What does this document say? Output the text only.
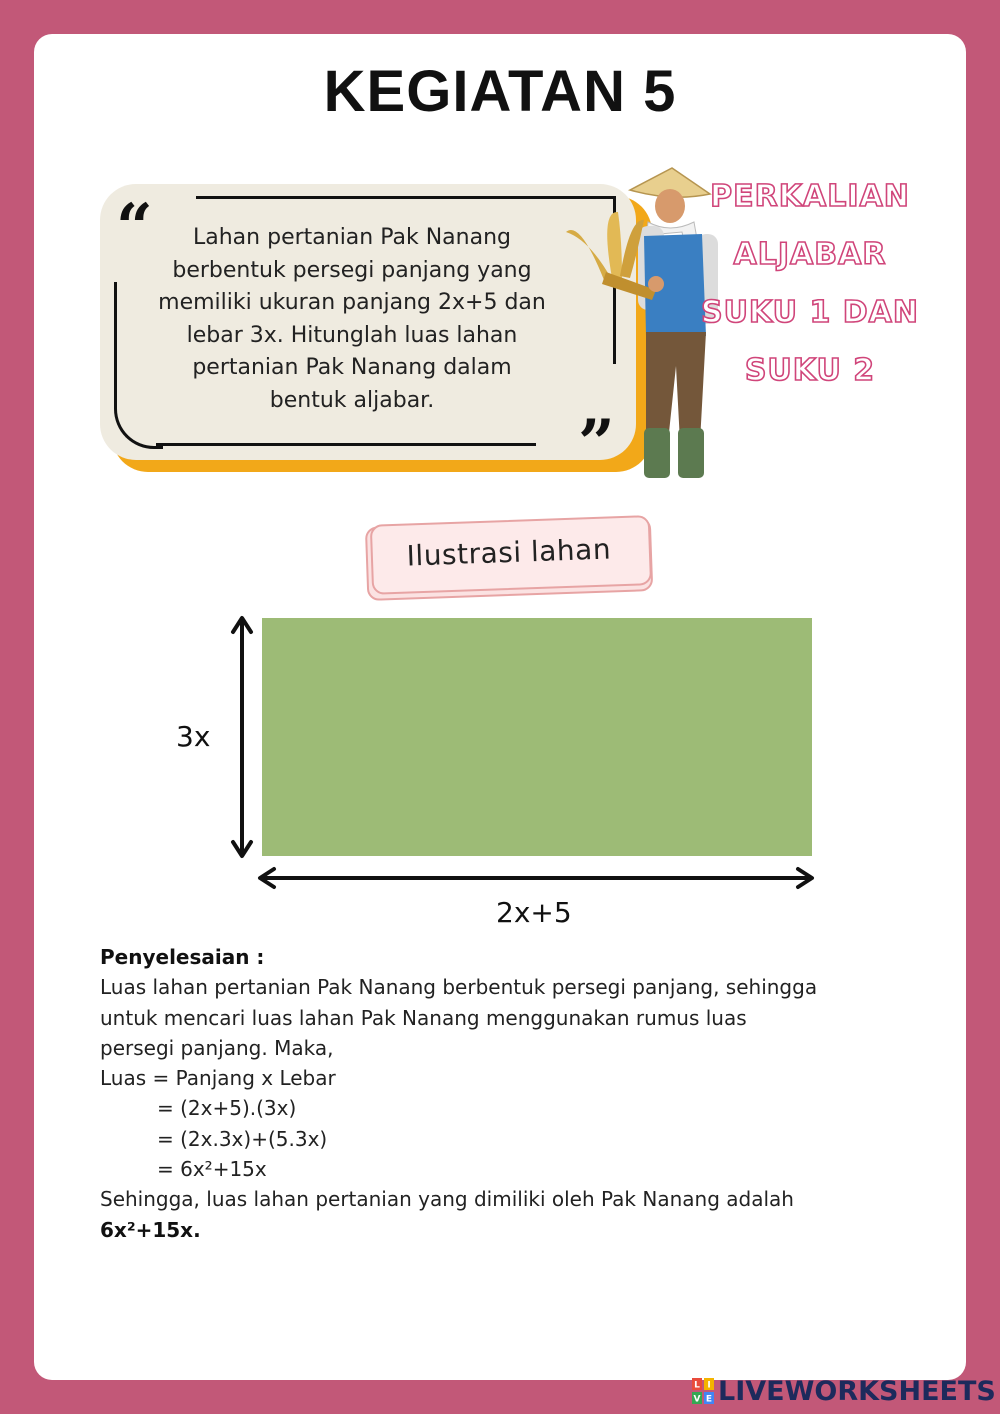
KEGIATAN 5
“
”
Lahan pertanian Pak Nanang
berbentuk persegi panjang yang
memiliki ukuran panjang 2x+5 dan
lebar 3x. Hitunglah luas lahan
pertanian Pak Nanang dalam
bentuk aljabar.
PERKALIAN
ALJABAR
SUKU 1 DAN
SUKU 2
Ilustrasi lahan
3x
2x+5
Penyelesaian :
Luas lahan pertanian Pak Nanang berbentuk persegi panjang, sehingga
untuk mencari luas lahan Pak Nanang menggunakan rumus luas
persegi panjang. Maka,
Luas = Panjang x Lebar
= (2x+5).(3x)
= (2x.3x)+(5.3x)
= 6x²+15x
Sehingga, luas lahan pertanian yang dimiliki oleh Pak Nanang adalah
6x²+15x.
L I
V E LIVEWORKSHEETS
